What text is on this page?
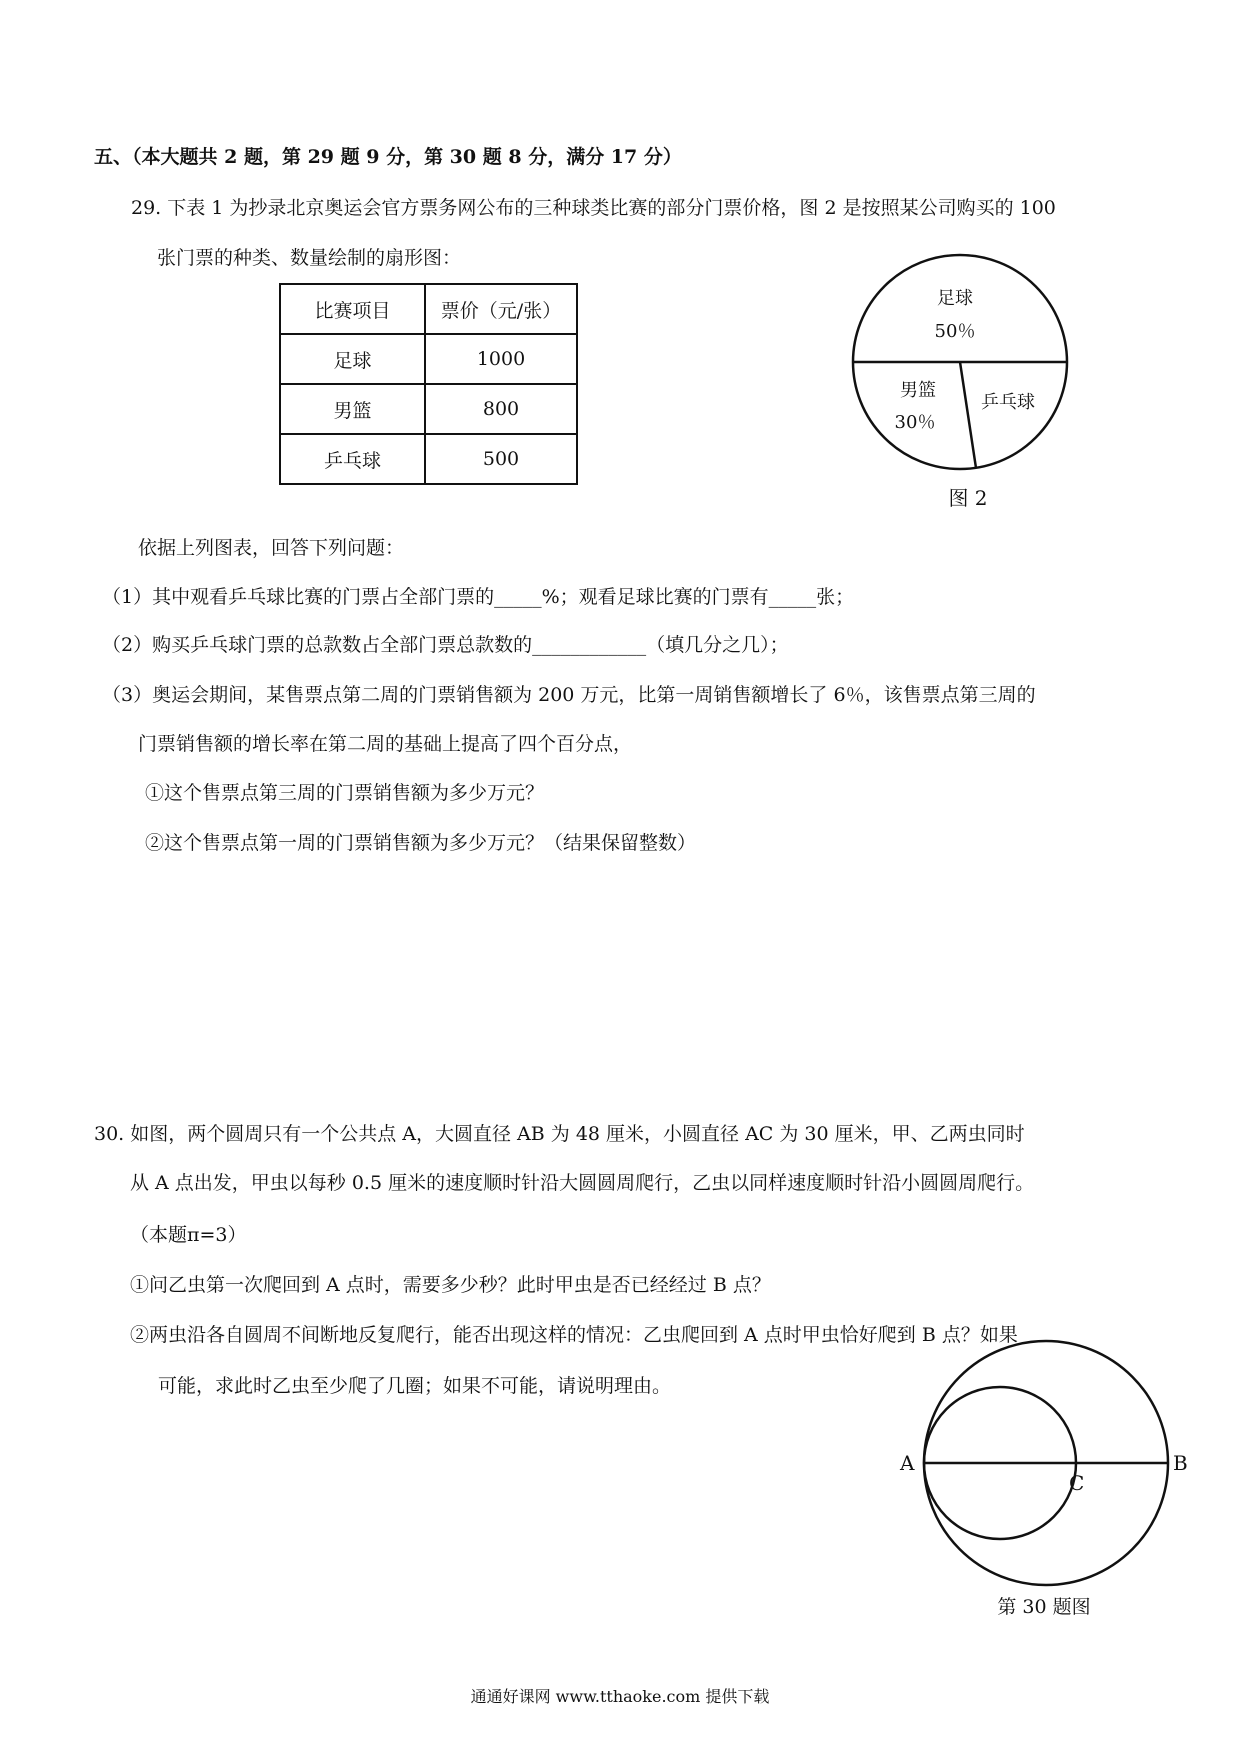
五、（本大题共 2 题，第 29 题 9 分，第 30 题 8 分，满分 17 分）
29. 下表 1 为抄录北京奥运会官方票务网公布的三种球类比赛的部分门票价格，图 2 是按照某公司购买的 100
张门票的种类、数量绘制的扇形图：
比赛项目	票价（元/张）
足球	1000
男篮	800
乒乓球	500
足球
50％
男篮
30％
乒乓球
图 2
依据上列图表，回答下列问题：
（1）其中观看乒乓球比赛的门票占全部门票的_____%；观看足球比赛的门票有_____张；
（2）购买乒乓球门票的总款数占全部门票总款数的____________（填几分之几）；
（3）奥运会期间，某售票点第二周的门票销售额为 200 万元，比第一周销售额增长了 6％，该售票点第三周的
门票销售额的增长率在第二周的基础上提高了四个百分点，
①这个售票点第三周的门票销售额为多少万元？
②这个售票点第一周的门票销售额为多少万元？（结果保留整数）
30. 如图，两个圆周只有一个公共点 A，大圆直径 AB 为 48 厘米，小圆直径 AC 为 30 厘米，甲、乙两虫同时
从 A 点出发，甲虫以每秒 0.5 厘米的速度顺时针沿大圆圆周爬行，乙虫以同样速度顺时针沿小圆圆周爬行。
（本题π=3）
①问乙虫第一次爬回到 A 点时，需要多少秒？此时甲虫是否已经经过 B 点？
②两虫沿各自圆周不间断地反复爬行，能否出现这样的情况：乙虫爬回到 A 点时甲虫恰好爬到 B 点？如果
可能，求此时乙虫至少爬了几圈；如果不可能，请说明理由。
A	B
C
第 30 题图
通通好课网 www.tthaoke.com 提供下载
